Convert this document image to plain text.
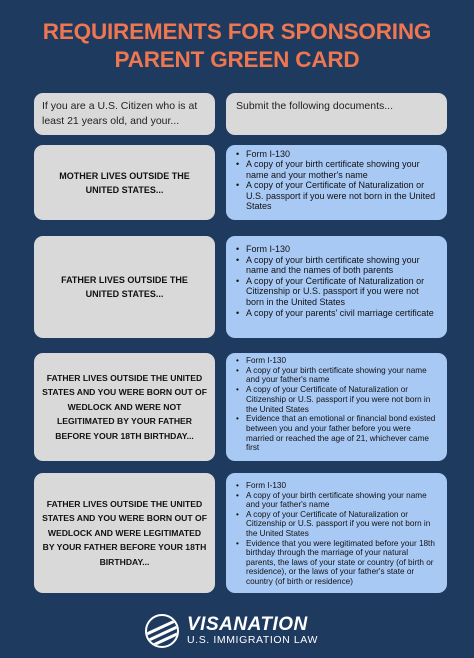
REQUIREMENTS FOR SPONSORING
PARENT GREEN CARD
If you are a U.S. Citizen who is at least 21 years old, and your...
Submit the following documents...
MOTHER LIVES OUTSIDE THE UNITED STATES...
• Form I-130
• A copy of your birth certificate showing your name and your mother's name
• A copy of your Certificate of Naturalization or U.S. passport if you were not born in the United States
FATHER LIVES OUTSIDE THE UNITED STATES...
• Form I-130
• A copy of your birth certificate showing your name and the names of both parents
• A copy of your Certificate of Naturalization or Citizenship or U.S. passport if you were not born in the United States
• A copy of your parents' civil marriage certificate
FATHER LIVES OUTSIDE THE UNITED STATES AND YOU WERE BORN OUT OF WEDLOCK AND WERE NOT LEGITIMATED BY YOUR FATHER BEFORE YOUR 18TH BIRTHDAY...
• Form I-130
• A copy of your birth certificate showing your name and your father's name
• A copy of your Certificate of Naturalization or Citizenship or U.S. passport if you were not born in the United States
• Evidence that an emotional or financial bond existed between you and your father before you were married or reached the age of 21, whichever came first
FATHER LIVES OUTSIDE THE UNITED STATES AND YOU WERE BORN OUT OF WEDLOCK AND WERE LEGITIMATED BY YOUR FATHER BEFORE YOUR 18TH BIRTHDAY...
• Form I-130
• A copy of your birth certificate showing your name and your father's name
• A copy of your Certificate of Naturalization or Citizenship or U.S. passport if you were not born in the United States
• Evidence that you were legitimated before your 18th birthday through the marriage of your natural parents, the laws of your state or country (of birth or residence), or the laws of your father's state or country (of birth or residence)
VISANATION
U.S. IMMIGRATION LAW
